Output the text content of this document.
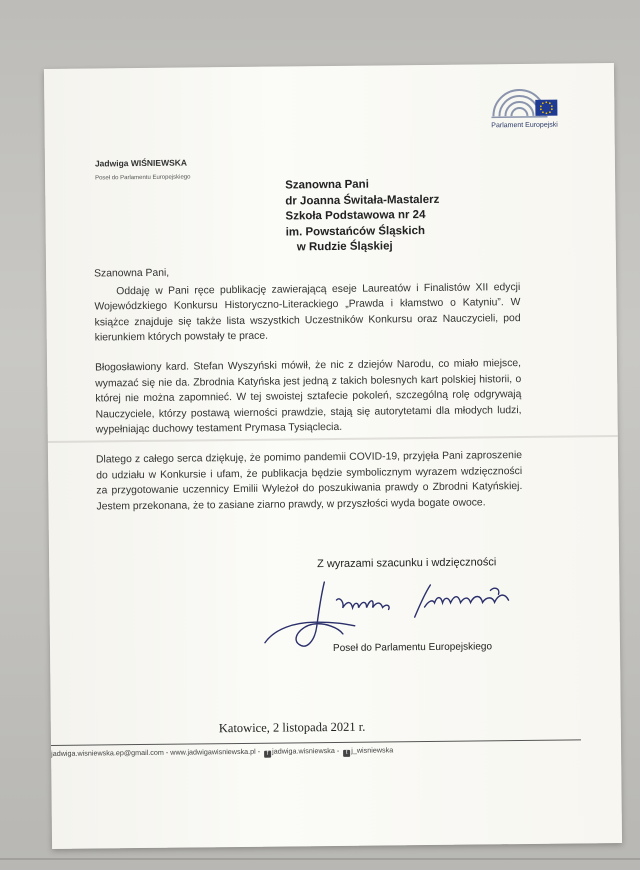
Parlament Europejski
Jadwiga WIŚNIEWSKA
Poseł do Parlamentu Europejskiego
Szanowna Pani
dr Joanna Świtała-Mastalerz
Szkoła Podstawowa nr 24
im. Powstańców Śląskich
w Rudzie Śląskiej

Szanowna Pani,

Oddaję w Pani ręce publikację zawierającą eseje Laureatów i Finalistów XII edycji Wojewódzkiego Konkursu Historyczno-Literackiego „Prawda i kłamstwo o Katyniu”. W książce znajduje się także lista wszystkich Uczestników Konkursu oraz Nauczycieli, pod kierunkiem których powstały te prace.

Błogosławiony kard. Stefan Wyszyński mówił, że nic z dziejów Narodu, co miało miejsce, wymazać się nie da. Zbrodnia Katyńska jest jedną z takich bolesnych kart polskiej historii, o której nie można zapomnieć. W tej swoistej sztafecie pokoleń, szczególną rolę odgrywają Nauczyciele, którzy postawą wierności prawdzie, stają się autorytetami dla młodych ludzi, wypełniając duchowy testament Prymasa Tysiąclecia.

Dlatego z całego serca dziękuję, że pomimo pandemii COVID-19, przyjęła Pani zaproszenie do udziału w Konkursie i ufam, że publikacja będzie symbolicznym wyrazem wdzięczności za przygotowanie uczennicy Emilii Wyleżoł do poszukiwania prawdy o Zbrodni Katyńskiej. Jestem przekonana, że to zasiane ziarno prawdy, w przyszłości wyda bogate owoce.

Z wyrazami szacunku i wdzięczności
Poseł do Parlamentu Europejskiego
Katowice, 2 listopada 2021 r.
jadwiga.wisniewska.ep@gmail.com - www.jadwigawisniewska.pl - f jadwiga.wisniewska - t j_wisniewska
